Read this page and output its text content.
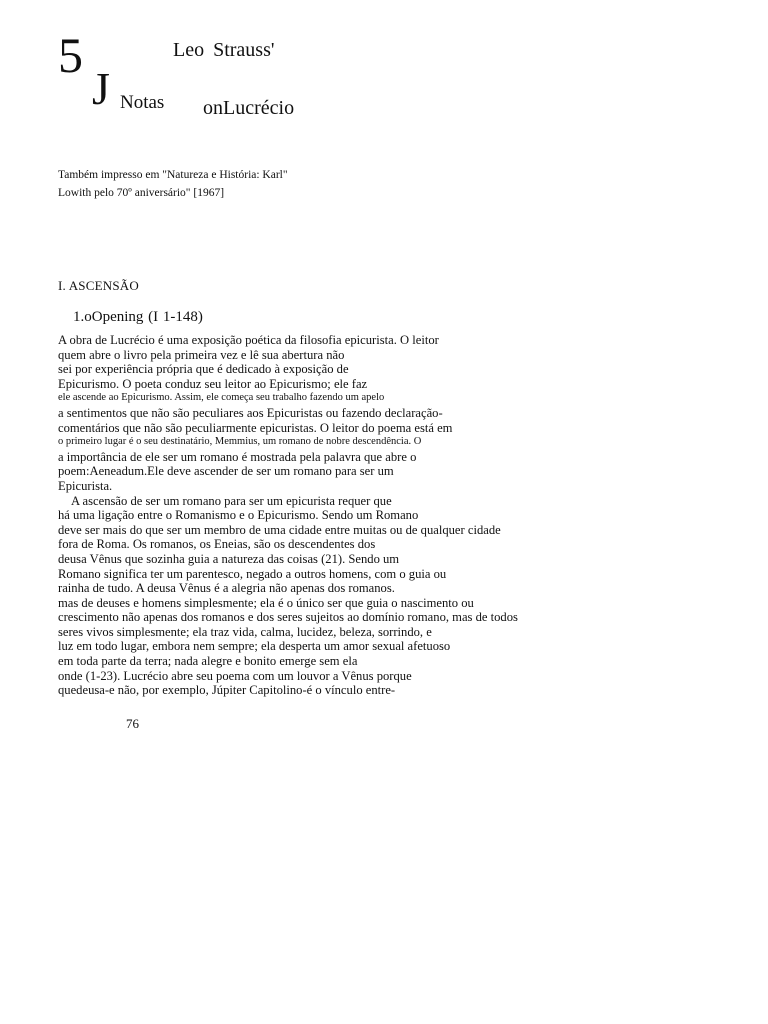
5
J
Leo Strauss'
Notas onLucrécio
Também impresso em "Natureza e História: Karl"
Lowith pelo 70º aniversário" [1967]
I. ASCENSÃO
1.oOpening (I 1-148)
A obra de Lucrécio é uma exposição poética da filosofia epicurista. O leitor
quem abre o livro pela primeira vez e lê sua abertura não
sei por experiência própria que é dedicado à exposição de
Epicurismo. O poeta conduz seu leitor ao Epicurismo; ele faz
ele ascende ao Epicurismo. Assim, ele começa seu trabalho fazendo um apelo
a sentimentos que não são peculiares aos Epicuristas ou fazendo declaração-
comentários que não são peculiarmente epicuristas. O leitor do poema está em
o primeiro lugar é o seu destinatário, Memmius, um romano de nobre descendência. O
a importância de ele ser um romano é mostrada pela palavra que abre o
poem:Aeneadum.Ele deve ascender de ser um romano para ser um
Epicurista.
A ascensão de ser um romano para ser um epicurista requer que
há uma ligação entre o Romanismo e o Epicurismo. Sendo um Romano
deve ser mais do que ser um membro de uma cidade entre muitas ou de qualquer cidade
fora de Roma. Os romanos, os Eneias, são os descendentes dos
deusa Vênus que sozinha guia a natureza das coisas (21). Sendo um
Romano significa ter um parentesco, negado a outros homens, com o guia ou
rainha de tudo. A deusa Vênus é a alegria não apenas dos romanos.
mas de deuses e homens simplesmente; ela é o único ser que guia o nascimento ou
crescimento não apenas dos romanos e dos seres sujeitos ao domínio romano, mas de todos
seres vivos simplesmente; ela traz vida, calma, lucidez, beleza, sorrindo, e
luz em todo lugar, embora nem sempre; ela desperta um amor sexual afetuoso
em toda parte da terra; nada alegre e bonito emerge sem ela
onde (1-23). Lucrécio abre seu poema com um louvor a Vênus porque
quedeusa-e não, por exemplo, Júpiter Capitolino-é o vínculo entre-
76
